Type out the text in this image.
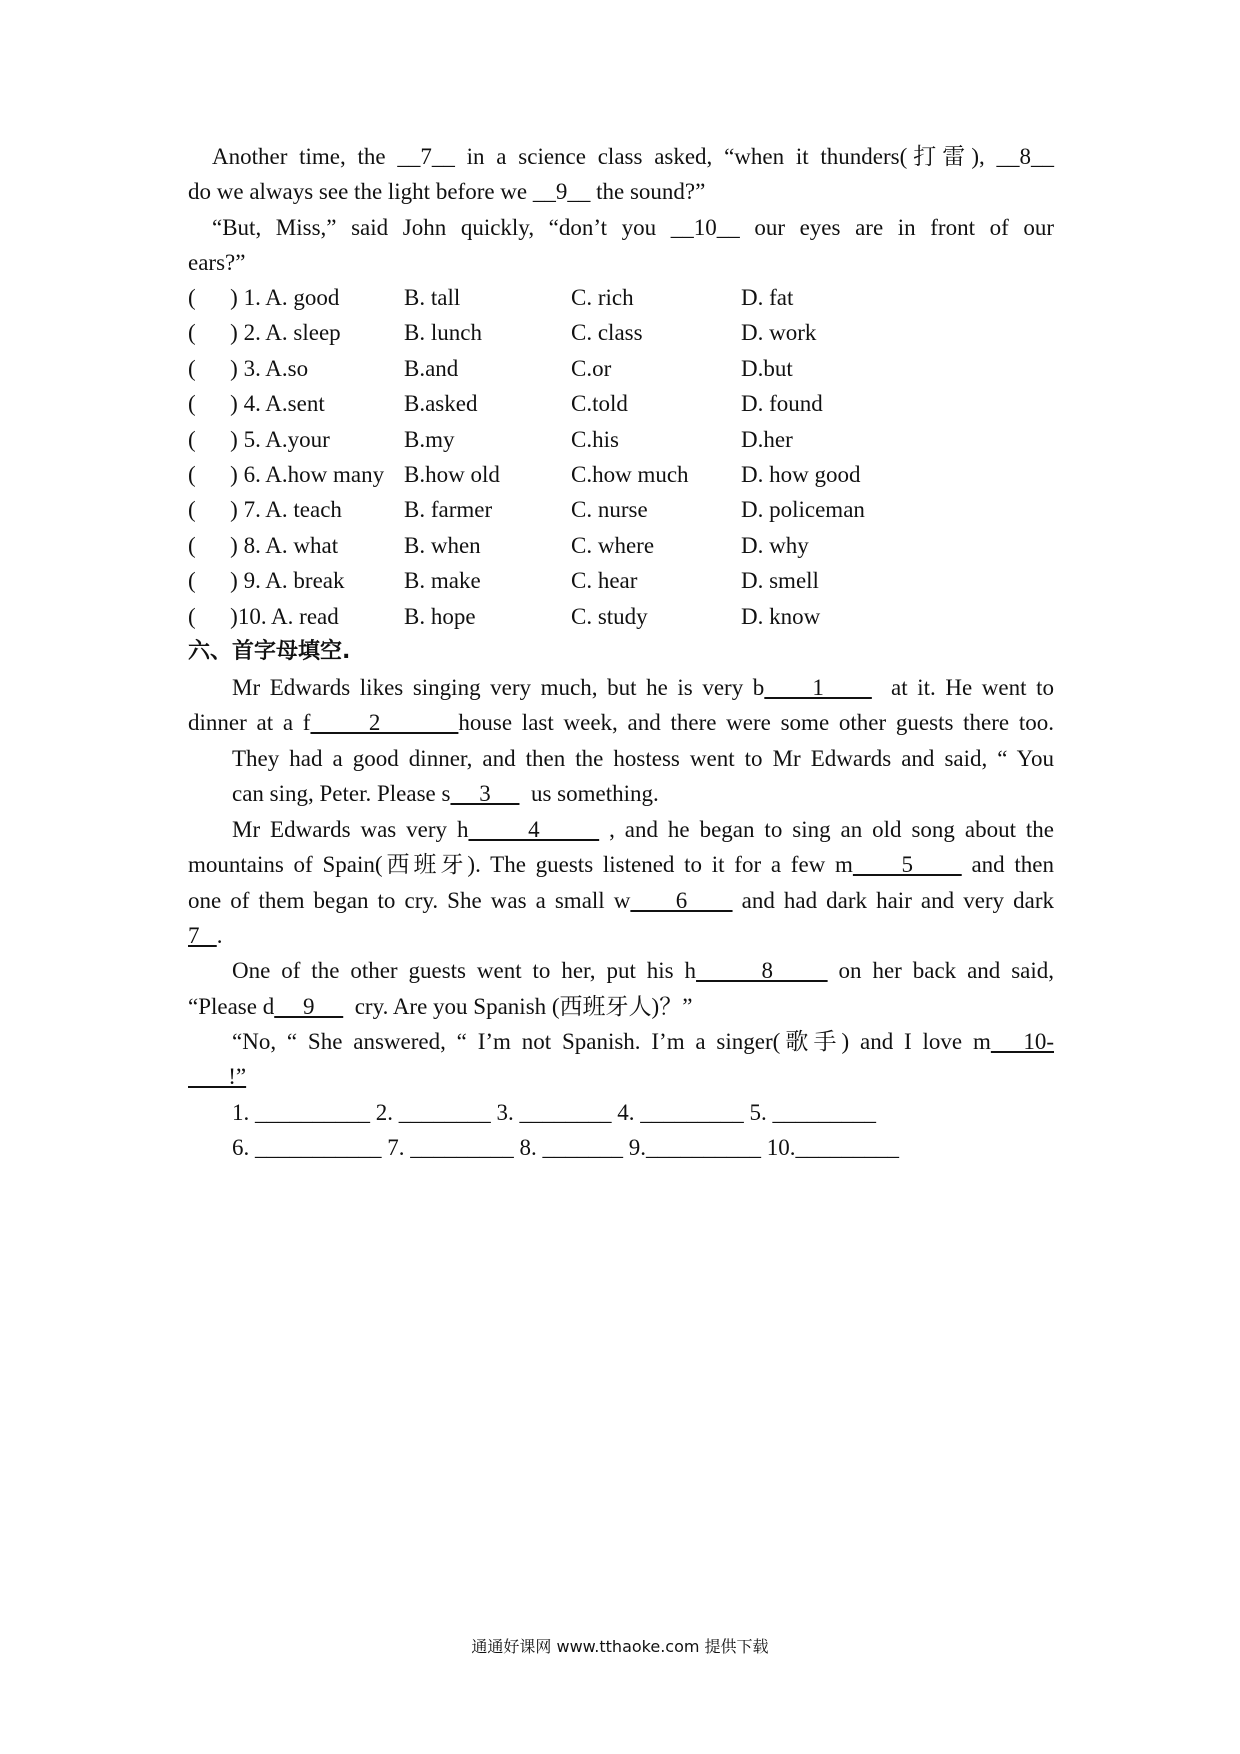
Another time, the __7__ in a science class asked, “when it thunders(打雷), __8__
do we always see the light before we __9__ the sound?”
“But, Miss,” said John quickly, “don’t you __10__ our eyes are in front of our
ears?”
(      ) 1. A. good	B. tall	C. rich	D. fat
(      ) 2. A. sleep	B. lunch	C. class	D. work
(      ) 3. A.so	B.and	C.or	D.but
(      ) 4. A.sent	B.asked	C.told	D. found
(      ) 5. A.your	B.my	C.his	D.her
(      ) 6. A.how many B.how old	C.how much D. how good
(      ) 7. A. teach	B. farmer	C. nurse	D. policeman
(      ) 8. A. what	B. when	C. where	D. why
(      ) 9. A. break	B. make	C. hear	D. smell
(      )10. A. read	B. hope	C. study	D. know
六、首字母填空.
Mr Edwards likes singing very much, but he is very b     1       at it. He went to
dinner at a f      2        house last week, and there were some other guests there too.
They had a good dinner, and then the hostess went to Mr Edwards and said, “ You
can sing, Peter. Please s     3       us something.
Mr Edwards was very h      4       , and he began to sing an old song about the
mountains of Spain(西班牙). The guests listened to it for a few m     5      and then
one of them began to cry. She was a small w     6      and had dark hair and very dark
7   .
One of the other guests went to her, put his h      8      on her back and said,
“Please d     9       cry. Are you Spanish (西班牙人)？”
“No, “ She answered, “ I’m not Spanish. I’m a singer(歌手) and I love m   10-
!”
1. __________ 2. ________ 3. ________ 4. _________ 5. _________
6. ___________ 7. _________ 8. _______ 9.__________ 10._________
通通好课网 www.tthaoke.com 提供下载
